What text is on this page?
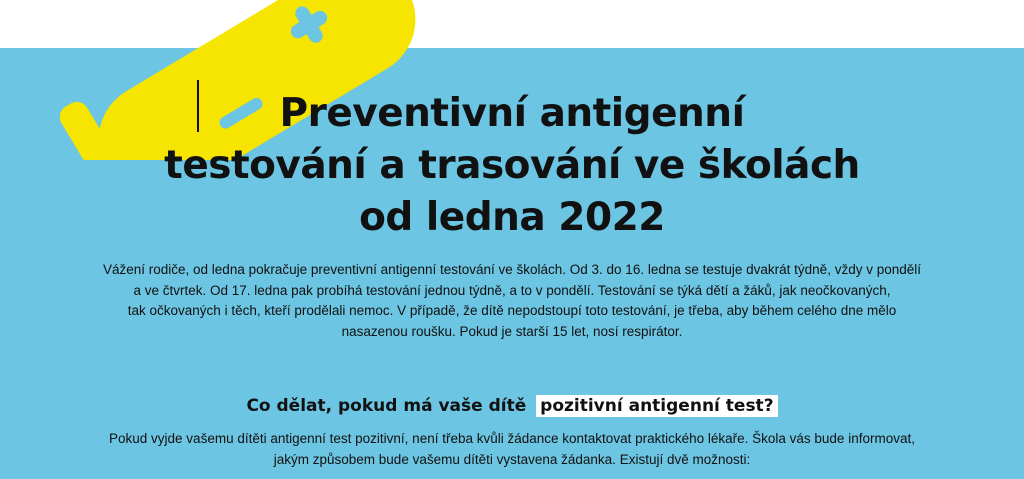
Preventivní antigenní
testování a trasování ve školách
od ledna 2022

Vážení rodiče, od ledna pokračuje preventivní antigenní testování ve školách. Od 3. do 16. ledna se testuje dvakrát týdně, vždy v pondělí
a ve čtvrtek. Od 17. ledna pak probíhá testování jednou týdně, a to v pondělí. Testování se týká dětí a žáků, jak neočkovaných,
tak očkovaných i těch, kteří prodělali nemoc. V případě, že dítě nepodstoupí toto testování, je třeba, aby během celého dne mělo
nasazenou roušku. Pokud je starší 15 let, nosí respirátor.

Co dělat, pokud má vaše dítě pozitivní antigenní test?

Pokud vyjde vašemu dítěti antigenní test pozitivní, není třeba kvůli žádance kontaktovat praktického lékaře. Škola vás bude informovat,
jakým způsobem bude vašemu dítěti vystavena žádanka. Existují dvě možnosti:
